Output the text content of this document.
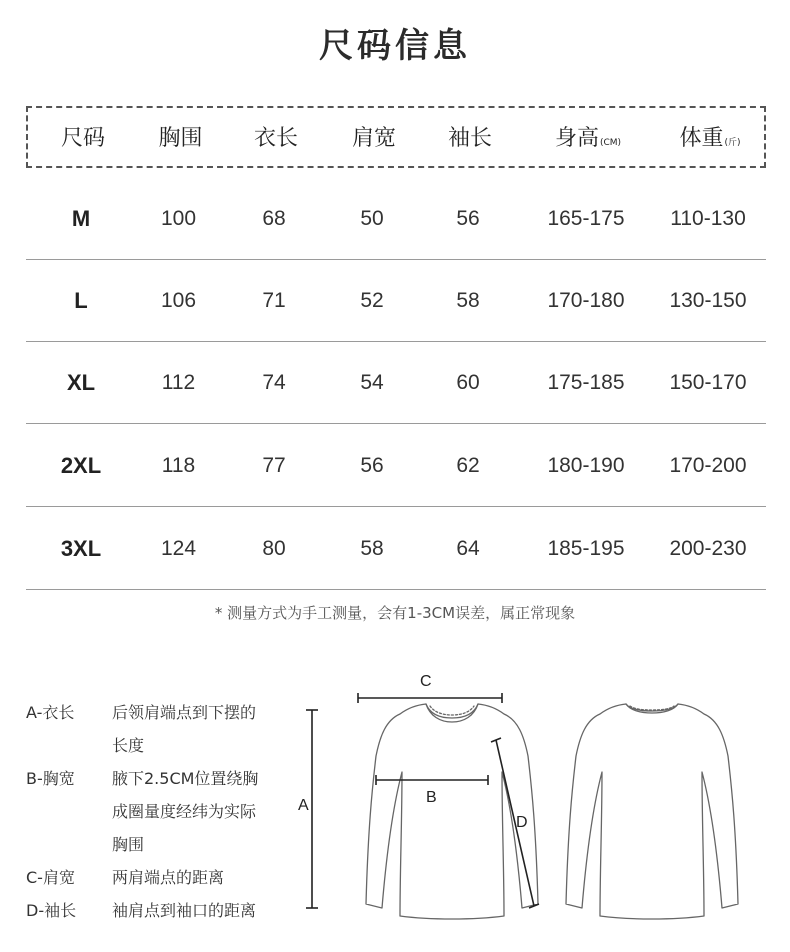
尺码信息
尺码	胸围	衣长	肩宽	袖长	身高(CM)	体重(斤)
M	100	68	50	56	165-175	110-130
L	106	71	52	58	170-180	130-150
XL	112	74	54	60	175-185	150-170
2XL	118	77	56	62	180-190	170-200
3XL	124	80	58	64	185-195	200-230
* 测量方式为手工测量，会有1-3CM误差，属正常现象
A-衣长 后领肩端点到下摆的
长度
B-胸宽 腋下2.5CM位置绕胸
成圈量度经纬为实际
胸围
C-肩宽 两肩端点的距离
D-袖长 袖肩点到袖口的距离
A	B
C
D
